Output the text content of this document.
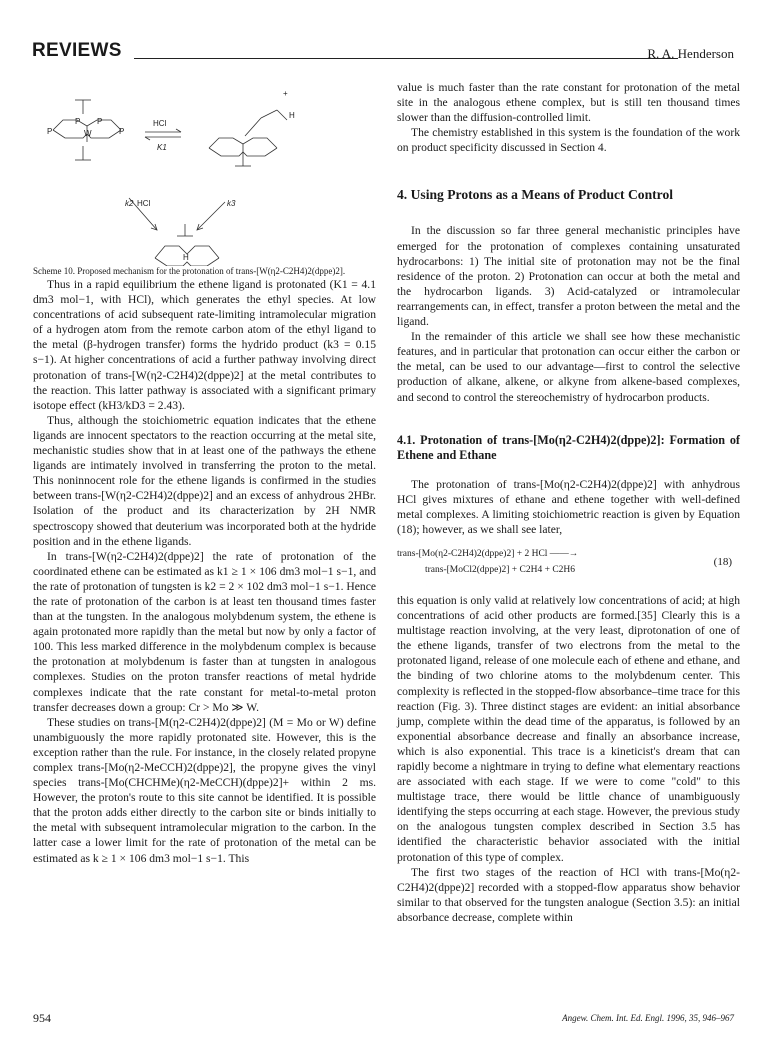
REVIEWS	R. A. Henderson
P P
P	P
W
HCl
K1
H
+
k2 HCl	k3
H

Scheme 10. Proposed mechanism for the protonation of trans-[W(η2-C2H4)2(dppe)2].

Thus in a rapid equilibrium the ethene ligand is protonated (K1 = 4.1 dm3 mol−1, with HCl), which generates the ethyl species. At low concentrations of acid subsequent rate-limiting intramolecular migration of a hydrogen atom from the remote carbon atom of the ethyl ligand to the metal (β-hydrogen transfer) forms the hydrido product (k3 = 0.15 s−1). At higher concentrations of acid a further pathway involving direct protonation of trans-[W(η2-C2H4)2(dppe)2] at the metal contributes to the reaction. This latter pathway is associated with a significant primary isotope effect (kH3/kD3 = 2.43).

Thus, although the stoichiometric equation indicates that the ethene ligands are innocent spectators to the reaction occurring at the metal site, mechanistic studies show that in at least one of the pathways the ethene ligands are intimately involved in transferring the proton to the metal. This noninnocent role for the ethene ligands is confirmed in the studies between trans-[W(η2-C2H4)2(dppe)2] and an excess of anhydrous 2HBr. Isolation of the product and its characterization by 2H NMR spectroscopy showed that deuterium was incorporated both at the hydride position and in the ethene ligands.

In trans-[W(η2-C2H4)2(dppe)2] the rate of protonation of the coordinated ethene can be estimated as k1 ≥ 1 × 106 dm3 mol−1 s−1, and the rate of protonation of tungsten is k2 = 2 × 102 dm3 mol−1 s−1. Hence the rate of protonation of the carbon is at least ten thousand times faster than at the tungsten. In the analogous molybdenum system, the ethene is again protonated more rapidly than the metal but now by only a factor of 100. This less marked difference in the molybdenum complex is because the protonation at molybdenum is faster than at tungsten in analogous complexes. Studies on the proton transfer reactions of metal hydride complexes indicate that the rate constant for metal-to-metal proton transfer decreases down a group: Cr > Mo ≫ W.

These studies on trans-[M(η2-C2H4)2(dppe)2] (M = Mo or W) define unambiguously the more rapidly protonated site. However, this is the exception rather than the rule. For instance, in the closely related propyne complex trans-[Mo(η2-MeCCH)2(dppe)2], the propyne gives the vinyl species trans-[Mo(CHCHMe)(η2-MeCCH)(dppe)2]+ within 2 ms. However, the proton's route to this site cannot be identified. It is possible that the proton adds either directly to the carbon site or binds initially to the metal with subsequent intramolecular migration to the carbon. In the latter case a lower limit for the rate of protonation of the metal can be estimated as k ≥ 1 × 106 dm3 mol−1 s−1. This

value is much faster than the rate constant for protonation of the metal site in the analogous ethene complex, but is still ten thousand times slower than the diffusion-controlled limit.

The chemistry established in this system is the foundation of the work on product specificity discussed in Section 4.

4. Using Protons as a Means of Product Control

In the discussion so far three general mechanistic principles have emerged for the protonation of complexes containing unsaturated hydrocarbons: 1) The initial site of protonation may not be the final residence of the proton. 2) Protonation can occur at both the metal and the hydrocarbon ligands. 3) Acid-catalyzed or intramolecular rearrangements can, in effect, transfer a proton between the metal and the ligand.

In the remainder of this article we shall see how these mechanistic features, and in particular that protonation can occur either the carbon or the metal, can be used to our advantage—first to control the selective production of alkane, alkene, or alkyne from alkene-based complexes, and second to control the stereochemistry of hydrocarbon products.

4.1. Protonation of trans-[Mo(η2-C2H4)2(dppe)2]: Formation of Ethene and Ethane

The protonation of trans-[Mo(η2-C2H4)2(dppe)2] with anhydrous HCl gives mixtures of ethane and ethene together with well-defined metal complexes. A limiting stoichiometric reaction is given by Equation (18); however, as we shall see later,

trans-[Mo(η2-C2H4)2(dppe)2] + 2 HCl ——→
trans-[MoCl2(dppe)2] + C2H4 + C2H6
(18)

this equation is only valid at relatively low concentrations of acid; at high concentrations of acid other products are formed.[35] Clearly this is a multistage reaction involving, at the very least, diprotonation of one of the ethene ligands, transfer of two electrons from the metal to the protonated ligand, release of one molecule each of ethene and ethane, and the binding of two chlorine atoms to the molybdenum center. This complexity is reflected in the stopped-flow absorbance–time trace for this reaction (Fig. 3). Three distinct stages are evident: an initial absorbance jump, complete within the dead time of the apparatus, is followed by an exponential absorbance decrease and finally an absorbance increase, which is also exponential. This trace is a kineticist's dream that can rapidly become a nightmare in trying to define what elementary reactions are associated with each stage. If we were to come "cold" to this multistage trace, there would be little chance of unambiguously identifying the steps occurring at each stage. However, the previous study on the analogous tungsten complex described in Section 3.5 has identified the characteristic behavior associated with the initial protonation of this type of complex.

The first two stages of the reaction of HCl with trans-[Mo(η2-C2H4)2(dppe)2] recorded with a stopped-flow apparatus show behavior similar to that observed for the tungsten analogue (Section 3.5): an initial absorbance decrease, complete within

954	Angew. Chem. Int. Ed. Engl. 1996, 35, 946–967
